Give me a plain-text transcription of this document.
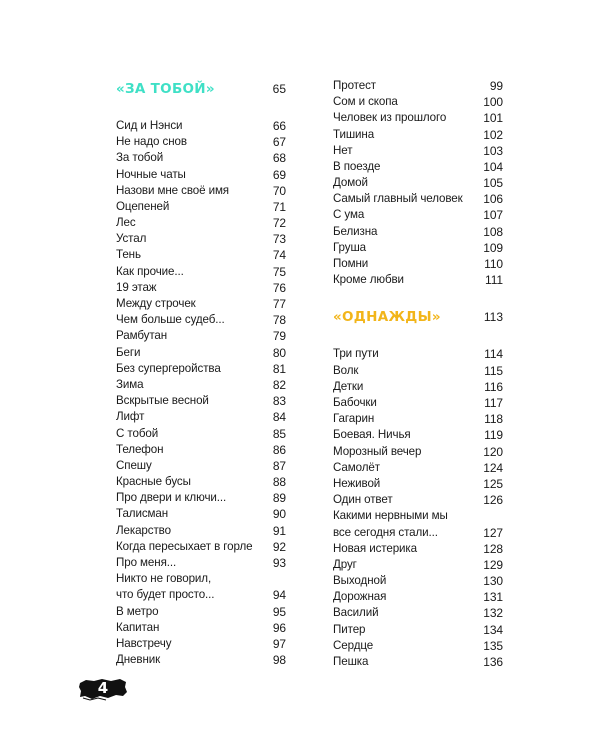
«ЗА ТОБОЙ»	65
Сид и Нэнси	66
Не надо снов	67
За тобой	68
Ночные чаты	69
Назови мне своё имя	70
Оцепеней	71
Лес	72
Устал	73
Тень	74
Как прочие...	75
19 этаж	76
Между строчек	77
Чем больше судеб...	78
Рамбутан	79
Беги	80
Без супергеройства	81
Зима	82
Вскрытые весной	83
Лифт	84
С тобой	85
Телефон	86
Спешу	87
Красные бусы	88
Про двери и ключи...	89
Талисман	90
Лекарство	91
Когда пересыхает в горле 92
Про меня...	93
Никто не говорил,
что будет просто...	94
В метро	95
Капитан	96
Навстречу	97
Дневник	98
Протест	99
Сом и скопа	100
Человек из прошлого	101
Тишина	102
Нет	103
В поезде	104
Домой	105
Самый главный человек 106
С ума	107
Белизна	108
Груша	109
Помни	110
Кроме любви	111
«ОДНАЖДЫ»	113
Три пути	114
Волк	115
Детки	116
Бабочки	117
Гагарин	118
Боевая. Ничья	119
Морозный вечер	120
Самолёт	124
Неживой	125
Один ответ	126
Какими нервными мы
все сегодня стали...	127
Новая истерика	128
Друг	129
Выходной	130
Дорожная	131
Василий	132
Питер	134
Сердце	135
Пешка	136
4
